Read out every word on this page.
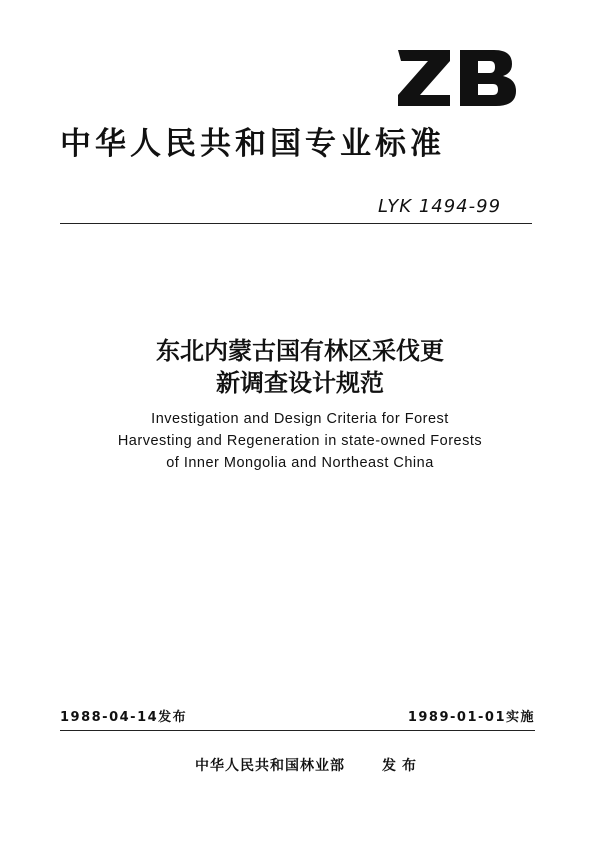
中华人民共和国专业标准
LYK 1494-99
东北内蒙古国有林区采伐更
新调查设计规范
Investigation and Design Criteria for Forest
Harvesting and Regeneration in state-owned Forests
of Inner Mongolia and Northeast China
1988-04-14发布	1989-01-01实施
中华人民共和国林业部	发布
